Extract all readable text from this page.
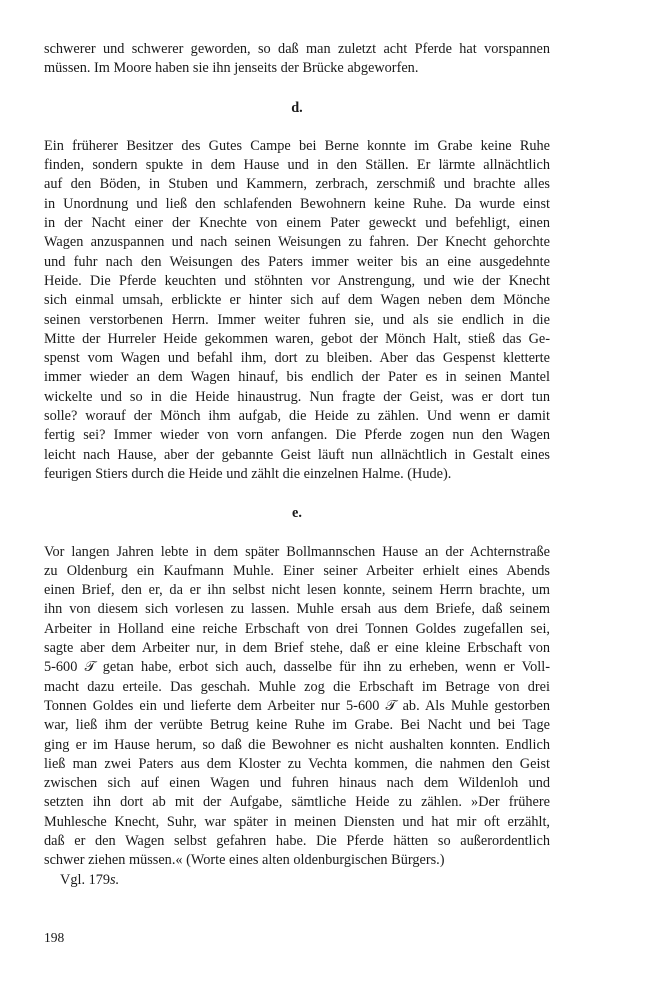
schwerer und schwerer geworden, so daß man zuletzt acht Pferde hat vorspannen
müssen. Im Moore haben sie ihn jenseits der Brücke abgeworfen.
d.
Ein früherer Besitzer des Gutes Campe bei Berne konnte im Grabe keine Ruhe
finden, sondern spukte in dem Hause und in den Ställen. Er lärmte allnächtlich
auf den Böden, in Stuben und Kammern, zerbrach, zerschmiß und brachte alles
in Unordnung und ließ den schlafenden Bewohnern keine Ruhe. Da wurde einst
in der Nacht einer der Knechte von einem Pater geweckt und befehligt, einen
Wagen anzuspannen und nach seinen Weisungen zu fahren. Der Knecht gehorchte
und fuhr nach den Weisungen des Paters immer weiter bis an eine ausgedehnte
Heide. Die Pferde keuchten und stöhnten vor Anstrengung, und wie der Knecht
sich einmal umsah, erblickte er hinter sich auf dem Wagen neben dem Mönche
seinen verstorbenen Herrn. Immer weiter fuhren sie, und als sie endlich in die
Mitte der Hurreler Heide gekommen waren, gebot der Mönch Halt, stieß das Ge-
spenst vom Wagen und befahl ihm, dort zu bleiben. Aber das Gespenst kletterte
immer wieder an dem Wagen hinauf, bis endlich der Pater es in seinen Mantel
wickelte und so in die Heide hinaustrug. Nun fragte der Geist, was er dort tun
solle? worauf der Mönch ihm aufgab, die Heide zu zählen. Und wenn er damit
fertig sei? Immer wieder von vorn anfangen. Die Pferde zogen nun den Wagen
leicht nach Hause, aber der gebannte Geist läuft nun allnächtlich in Gestalt eines
feurigen Stiers durch die Heide und zählt die einzelnen Halme. (Hude).
e.
Vor langen Jahren lebte in dem später Bollmannschen Hause an der Achternstraße
zu Oldenburg ein Kaufmann Muhle. Einer seiner Arbeiter erhielt eines Abends
einen Brief, den er, da er ihn selbst nicht lesen konnte, seinem Herrn brachte, um
ihn von diesem sich vorlesen zu lassen. Muhle ersah aus dem Briefe, daß seinem
Arbeiter in Holland eine reiche Erbschaft von drei Tonnen Goldes zugefallen sei,
sagte aber dem Arbeiter nur, in dem Brief stehe, daß er eine kleine Erbschaft von
5-600 𝒯 getan habe, erbot sich auch, dasselbe für ihn zu erheben, wenn er Voll-
macht dazu erteile. Das geschah. Muhle zog die Erbschaft im Betrage von drei
Tonnen Goldes ein und lieferte dem Arbeiter nur 5-600 𝒯 ab. Als Muhle gestorben
war, ließ ihm der verübte Betrug keine Ruhe im Grabe. Bei Nacht und bei Tage
ging er im Hause herum, so daß die Bewohner es nicht aushalten konnten. Endlich
ließ man zwei Paters aus dem Kloster zu Vechta kommen, die nahmen den Geist
zwischen sich auf einen Wagen und fuhren hinaus nach dem Wildenloh und
setzten ihn dort ab mit der Aufgabe, sämtliche Heide zu zählen. »Der frühere
Muhlesche Knecht, Suhr, war später in meinen Diensten und hat mir oft erzählt,
daß er den Wagen selbst gefahren habe. Die Pferde hätten so außerordentlich
schwer ziehen müssen.« (Worte eines alten oldenburgischen Bürgers.)
Vgl. 179s.
198
